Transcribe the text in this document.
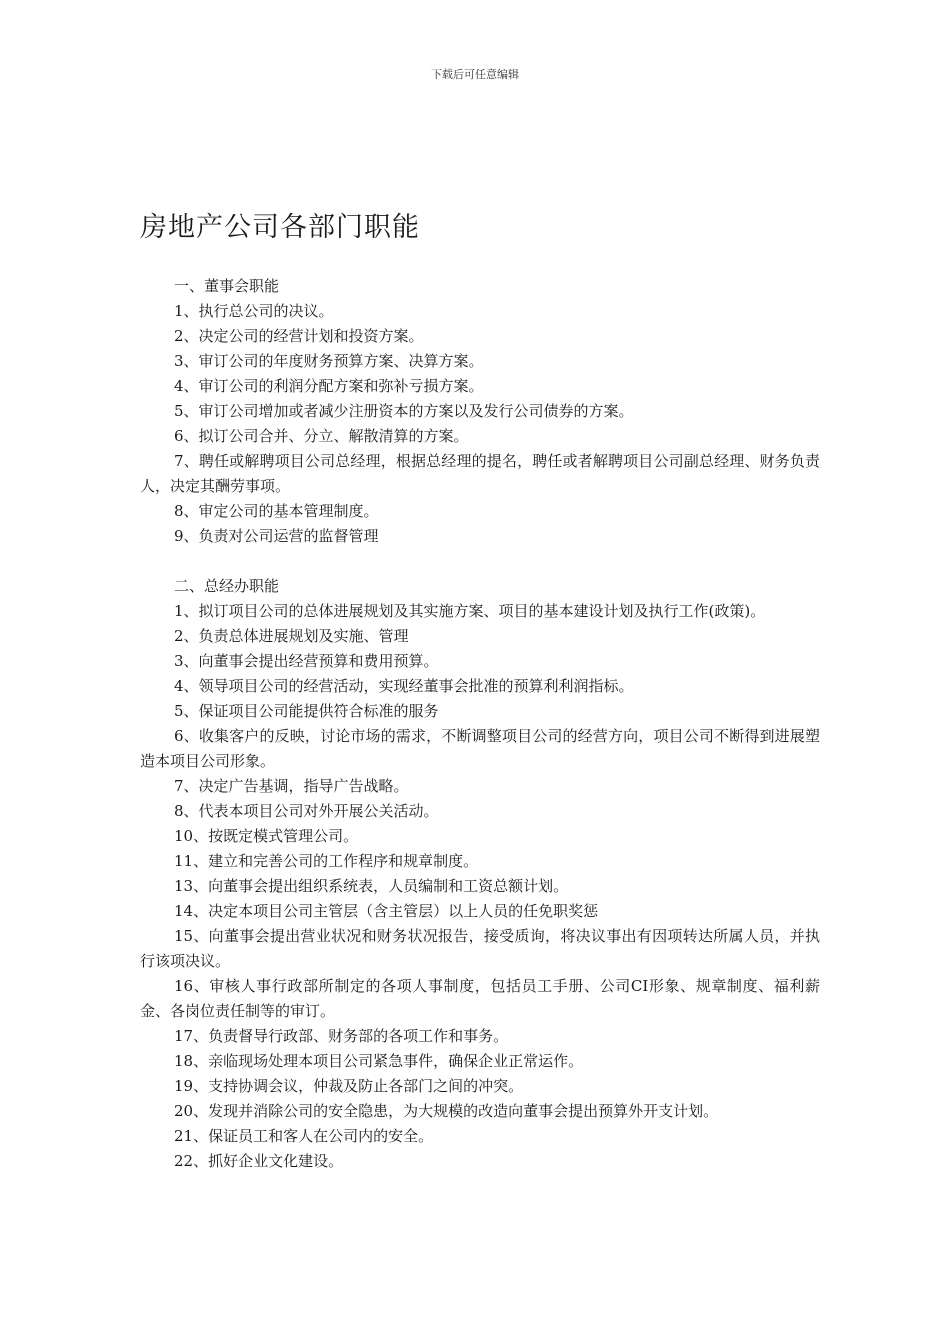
下载后可任意编辑
房地产公司各部门职能

一、董事会职能

1、执行总公司的决议。

2、决定公司的经营计划和投资方案。

3、审订公司的年度财务预算方案、决算方案。

4、审订公司的利润分配方案和弥补亏损方案。

5、审订公司增加或者减少注册资本的方案以及发行公司债券的方案。

6、拟订公司合并、分立、解散清算的方案。

7、聘任或解聘项目公司总经理，根据总经理的提名，聘任或者解聘项目公司副总经理、财务负责人，决定其酬劳事项。

8、审定公司的基本管理制度。

9、负责对公司运营的监督管理

二、总经办职能

1、拟订项目公司的总体进展规划及其实施方案、项目的基本建设计划及执行工作(政策)。

2、负责总体进展规划及实施、管理

3、向董事会提出经营预算和费用预算。

4、领导项目公司的经营活动，实现经董事会批准的预算利利润指标。

5、保证项目公司能提供符合标准的服务

6、收集客户的反映，讨论市场的需求，不断调整项目公司的经营方向，项目公司不断得到进展塑造本项目公司形象。

7、决定广告基调，指导广告战略。

8、代表本项目公司对外开展公关活动。

10、按既定模式管理公司。

11、建立和完善公司的工作程序和规章制度。

13、向董事会提出组织系统表，人员编制和工资总额计划。

14、决定本项目公司主管层（含主管层）以上人员的任免职奖惩

15、向董事会提出营业状况和财务状况报告，接受质询，将决议事出有因项转达所属人员，并执行该项决议。

16、审核人事行政部所制定的各项人事制度，包括员工手册、公司CI形象、规章制度、福利薪金、各岗位责任制等的审订。

17、负责督导行政部、财务部的各项工作和事务。

18、亲临现场处理本项目公司紧急事件，确保企业正常运作。

19、支持协调会议，仲裁及防止各部门之间的冲突。

20、发现并消除公司的安全隐患，为大规模的改造向董事会提出预算外开支计划。

21、保证员工和客人在公司内的安全。

22、抓好企业文化建设。
